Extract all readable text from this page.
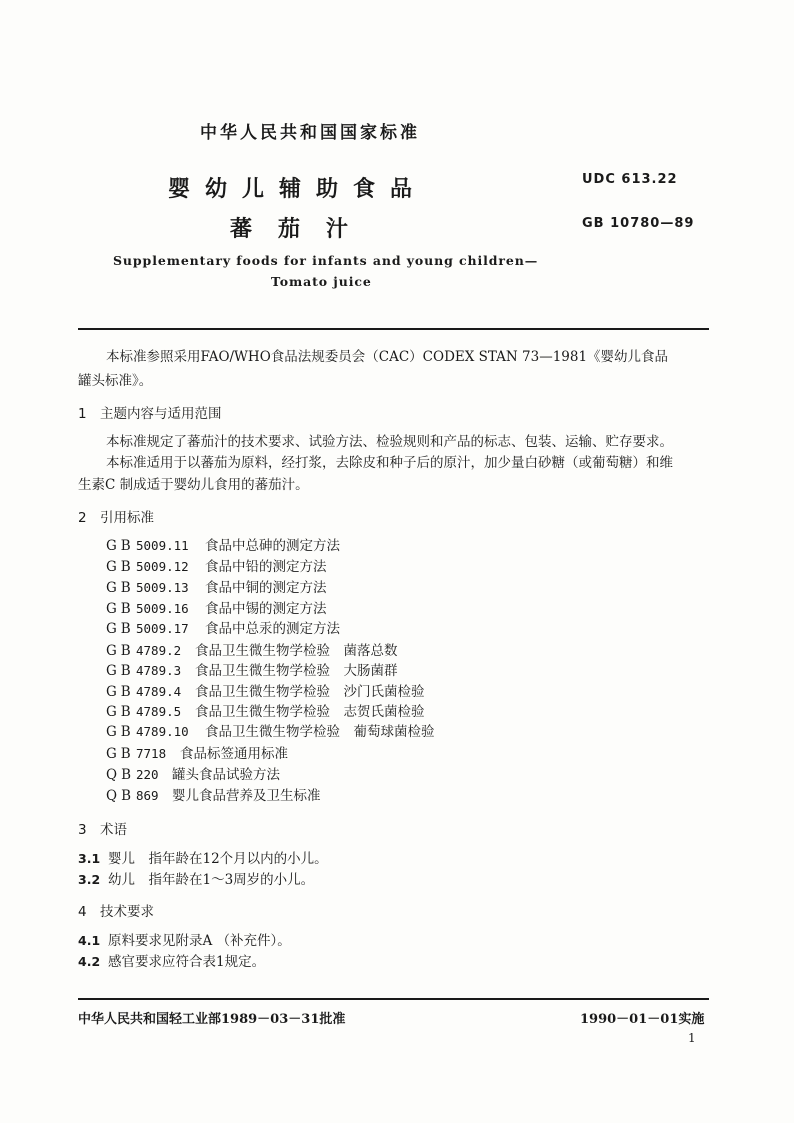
中华人民共和国国家标准
婴幼儿辅助食品
蕃茄汁
UDC 613.22
GB 10780—89
Supplementary foods for infants and young children—
Tomato juice
本标准参照采用FAO/WHO食品法规委员会（CAC）CODEX STAN 73—1981《婴幼儿食品
罐头标准》。
1 主题内容与适用范围
本标准规定了蕃茄汁的技术要求、试验方法、检验规则和产品的标志、包装、运输、贮存要求。
本标准适用于以蕃茄为原料，经打浆，去除皮和种子后的原汁，加少量白砂糖（或葡萄糖）和维
生素C 制成适于婴幼儿食用的蕃茄汁。
2 引用标准
GB5009.11 食品中总砷的测定方法
GB5009.12 食品中铅的测定方法
GB5009.13 食品中铜的测定方法
GB5009.16 食品中锡的测定方法
GB5009.17 食品中总汞的测定方法
GB4789.2 食品卫生微生物学检验　菌落总数
GB4789.3 食品卫生微生物学检验　大肠菌群
GB4789.4 食品卫生微生物学检验　沙门氏菌检验
GB4789.5 食品卫生微生物学检验　志贺氏菌检验
GB4789.10 食品卫生微生物学检验　葡萄球菌检验
GB7718 食品标签通用标准
QB220 罐头食品试验方法
QB869 婴儿食品营养及卫生标准
3 术语
3.1 婴儿　指年龄在12个月以内的小儿。
3.2 幼儿　指年龄在1～3周岁的小儿。
4 技术要求
4.1 原料要求见附录A （补充件）。
4.2 感官要求应符合表1规定。
中华人民共和国轻工业部1989－03－31批准	1990－01－01实施
1
